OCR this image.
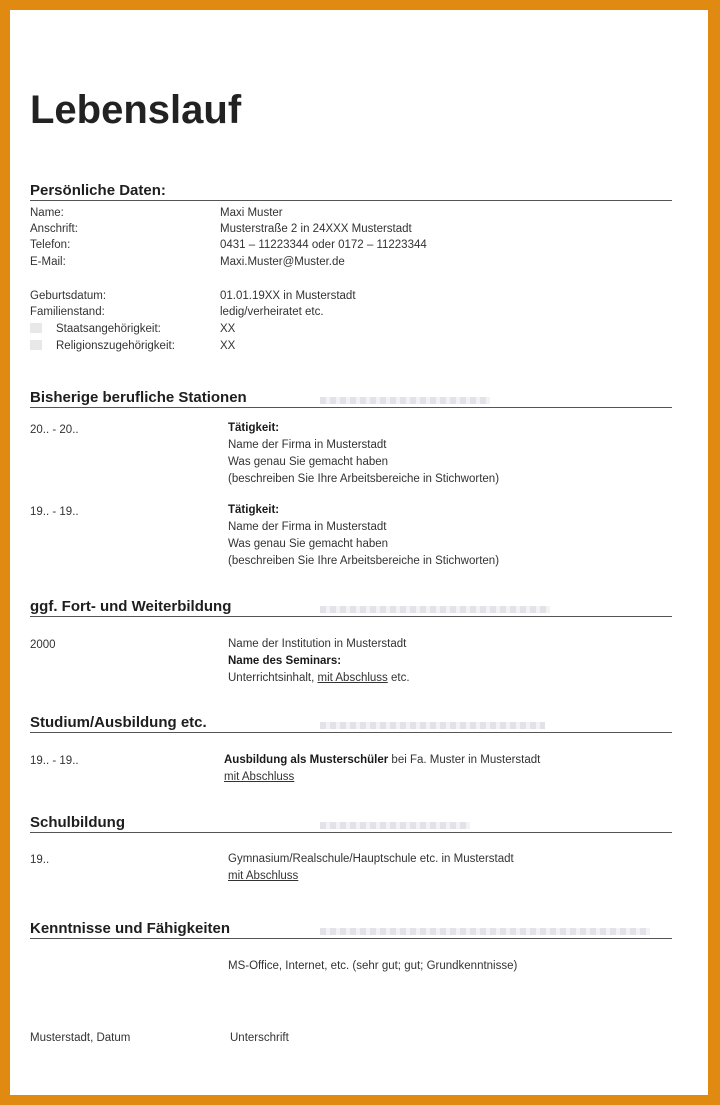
Lebenslauf
Persönliche Daten:
Name:	Maxi Muster
Anschrift:	Musterstraße 2 in 24XXX Musterstadt
Telefon:	0431 – 11223344 oder 0172 – 11223344
E-Mail:	Maxi.Muster@Muster.de
Geburtsdatum:	01.01.19XX in Musterstadt
Familienstand:	ledig/verheiratet etc.
Staatsangehörigkeit:	XX
Religionszugehörigkeit:	XX
Bisherige berufliche Stationen
20.. - 20..	Tätigkeit:
Name der Firma in Musterstadt
Was genau Sie gemacht haben
(beschreiben Sie Ihre Arbeitsbereiche in Stichworten)
19.. - 19..	Tätigkeit:
Name der Firma in Musterstadt
Was genau Sie gemacht haben
(beschreiben Sie Ihre Arbeitsbereiche in Stichworten)
ggf. Fort- und Weiterbildung
2000	Name der Institution in Musterstadt
Name des Seminars:
Unterrichtsinhalt, mit Abschluss etc.
Studium/Ausbildung etc.
19.. - 19..	Ausbildung als Musterschüler bei Fa. Muster in Musterstadt
mit Abschluss
Schulbildung
19..	Gymnasium/Realschule/Hauptschule etc. in Musterstadt
mit Abschluss
Kenntnisse und Fähigkeiten
MS-Office, Internet, etc. (sehr gut; gut; Grundkenntnisse)
Musterstadt, Datum	Unterschrift
